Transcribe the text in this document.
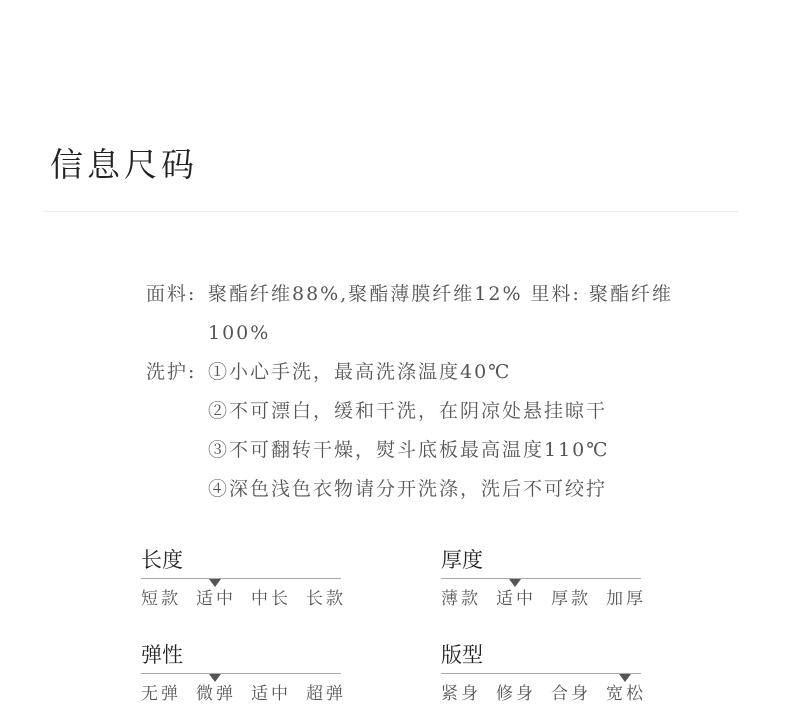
信息尺码
面料: 聚酯纤维88%,聚酯薄膜纤维12% 里料: 聚酯纤维
100%
洗护: ①小心手洗，最高洗涤温度40℃
②不可漂白，缓和干洗，在阴凉处悬挂晾干
③不可翻转干燥，熨斗底板最高温度110℃
④深色浅色衣物请分开洗涤，洗后不可绞拧
长度
短款 适中 中长 长款
厚度
薄款 适中 厚款 加厚
弹性
无弹 微弹 适中 超弹
版型
紧身 修身 合身 宽松
